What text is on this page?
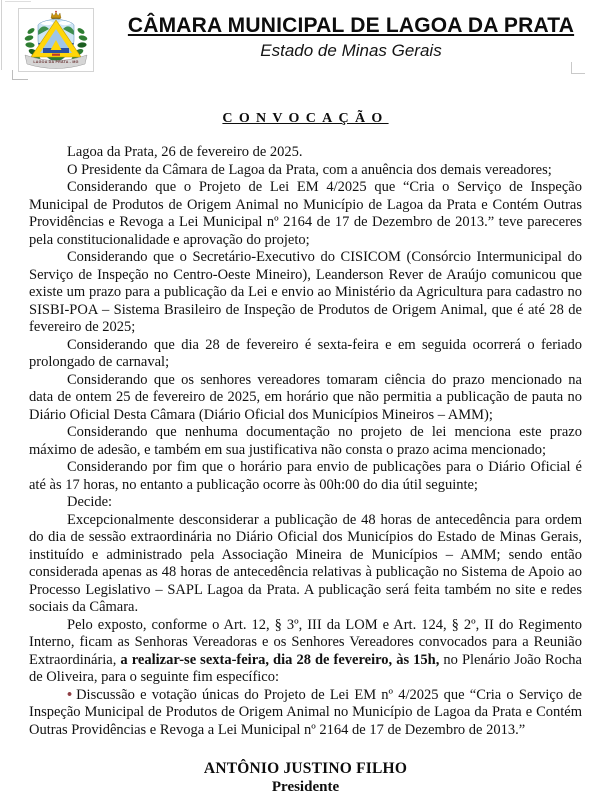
LAGOA DA PRATA - MG
CÂMARA MUNICIPAL DE LAGOA DA PRATA
Estado de Minas Gerais
CONVOCAÇÃO

Lagoa da Prata, 26 de fevereiro de 2025.

O Presidente da Câmara de Lagoa da Prata, com a anuência dos demais vereadores;

Considerando que o Projeto de Lei EM 4/2025 que “Cria o Serviço de Inspeção Municipal de Produtos de Origem Animal no Município de Lagoa da Prata e Contém Outras Providências e Revoga a Lei Municipal nº 2164 de 17 de Dezembro de 2013.” teve pareceres pela constitucionalidade e aprovação do projeto;

Considerando que o Secretário-Executivo do CISICOM (Consórcio Intermunicipal do Serviço de Inspeção no Centro-Oeste Mineiro), Leanderson Rever de Araújo comunicou que existe um prazo para a publicação da Lei e envio ao Ministério da Agricultura para cadastro no SISBI-POA – Sistema Brasileiro de Inspeção de Produtos de Origem Animal, que é até 28 de fevereiro de 2025;

Considerando que dia 28 de fevereiro é sexta-feira e em seguida ocorrerá o feriado prolongado de carnaval;

Considerando que os senhores vereadores tomaram ciência do prazo mencionado na data de ontem 25 de fevereiro de 2025, em horário que não permitia a publicação de pauta no Diário Oficial Desta Câmara (Diário Oficial dos Municípios Mineiros – AMM);

Considerando que nenhuma documentação no projeto de lei menciona este prazo máximo de adesão, e também em sua justificativa não consta o prazo acima mencionado;

Considerando por fim que o horário para envio de publicações para o Diário Oficial é até às 17 horas, no entanto a publicação ocorre às 00h:00 do dia útil seguinte;

Decide:

Excepcionalmente desconsiderar a publicação de 48 horas de antecedência para ordem do dia de sessão extraordinária no Diário Oficial dos Municípios do Estado de Minas Gerais, instituído e administrado pela Associação Mineira de Municípios – AMM; sendo então considerada apenas as 48 horas de antecedência relativas à publicação no Sistema de Apoio ao Processo Legislativo – SAPL Lagoa da Prata. A publicação será feita também no site e redes sociais da Câmara.

Pelo exposto, conforme o Art. 12, § 3º, III da LOM e Art. 124, § 2º, II do Regimento Interno, ficam as Senhoras Vereadoras e os Senhores Vereadores convocados para a Reunião Extraordinária, a realizar-se sexta-feira, dia 28 de fevereiro, às 15h, no Plenário João Rocha de Oliveira, para o seguinte fim específico:

• Discussão e votação únicas do Projeto de Lei EM nº 4/2025 que “Cria o Serviço de Inspeção Municipal de Produtos de Origem Animal no Município de Lagoa da Prata e Contém Outras Providências e Revoga a Lei Municipal nº 2164 de 17 de Dezembro de 2013.”

ANTÔNIO JUSTINO FILHO
Presidente
